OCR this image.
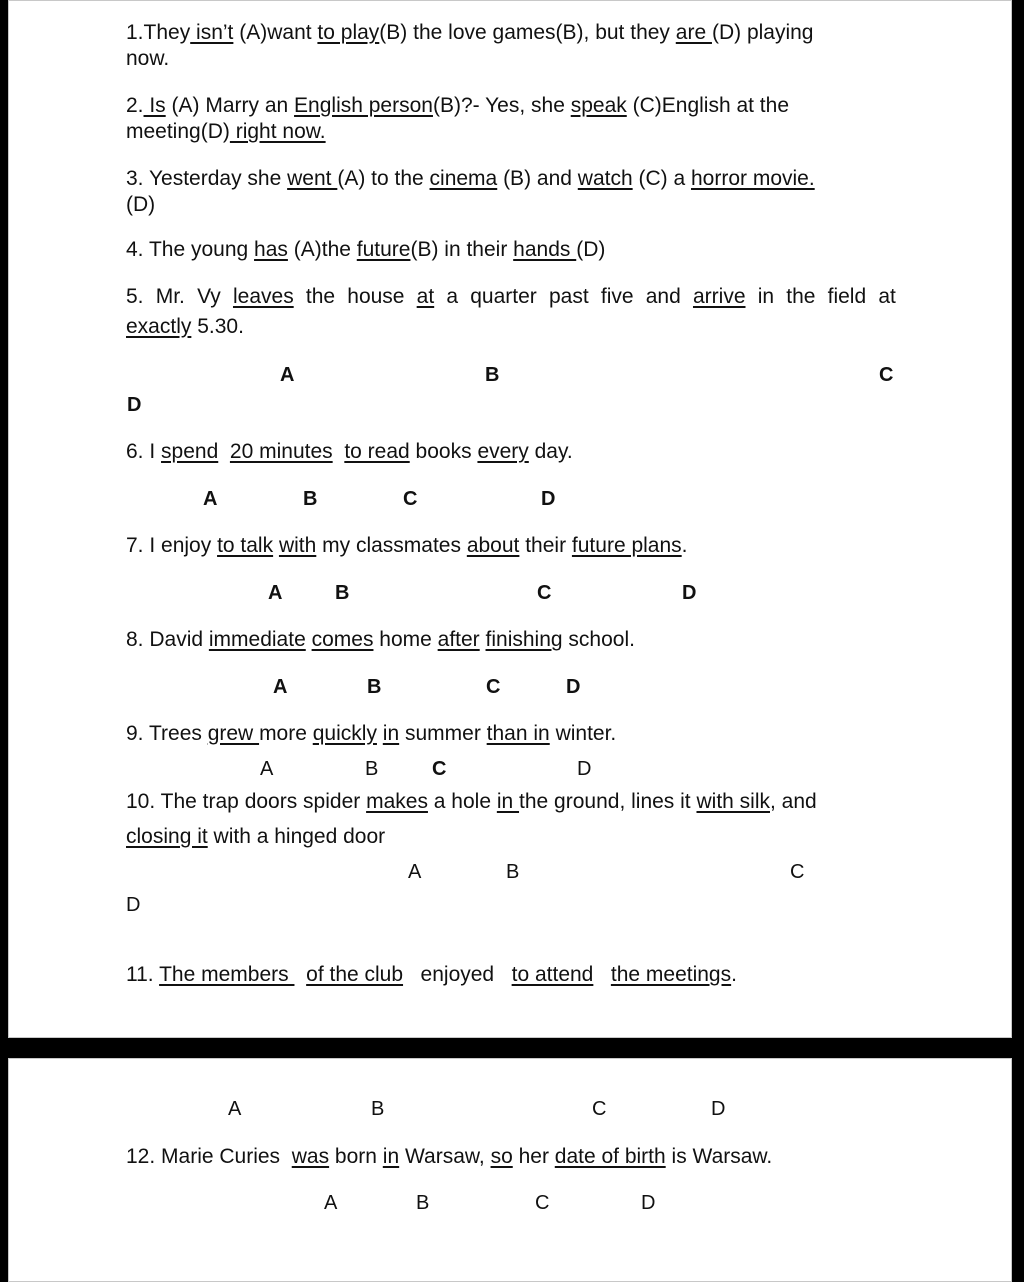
1.They isn’t (A)want to play(B) the love games(B), but they are (D) playing
now.
2. Is (A) Marry an English person(B)?- Yes, she speak (C)English at the
meeting(D) right now.
3. Yesterday she went (A) to the cinema (B) and watch (C) a horror movie.
(D)
4. The young has (A)the future(B) in their hands (D)
5. Mr. Vy leaves the house at a quarter past five and arrive in the field at
exactly 5.30.
A	B	C
D
6. I spend 20 minutes to read books every day.
A	B	C	D
7. I enjoy to talk with my classmates about their future plans.
A	B	C	D
8. David immediate comes home after finishing school.
A	B	C	D
9. Trees grew more quickly in summer than in winter.
A	B	C	D
10. The trap doors spider makes a hole in the ground, lines it with silk, and
closing it with a hinged door
A	B	C
D
11. The members   of the club   enjoyed   to attend the meetings.
A	B	C	D
12. Marie Curies  was born in Warsaw, so her date of birth is Warsaw.
A	B	C	D
